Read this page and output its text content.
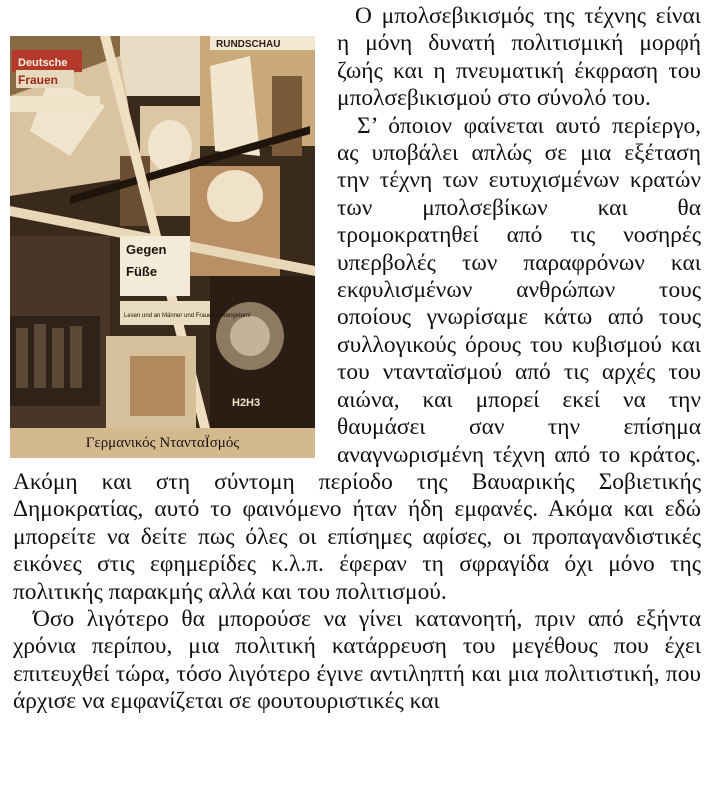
Deutsche
Frauen
RUNDSCHAU
Gegen
Füße
Lesen und an Männer und Frauen weitergeben!
H2H3
Γερμανικός ΝτανταÏσμός

Ο μπολσεβικισμός της τέχνης είναι η μόνη δυνατή πολιτισμική μορφή ζωής και η πνευματική έκφραση του μπολσεβικισμού στο σύνολό του.

Σ’ όποιον φαίνεται αυτό περίεργο, ας υποβάλει απλώς σε μια εξέταση την τέχνη των ευτυχισμένων κρατών των μπολσεβίκων και θα τρομοκρατηθεί από τις νοσηρές υπερβολές των παραφρόνων και εκφυλισμένων ανθρώπων τους οποίους γνωρίσαμε κάτω από τους συλλογικούς όρους του κυβισμού και του ντανταϊσμού από τις αρχές του αιώνα, και μπορεί εκεί να την θαυμάσει σαν την επίσημα αναγνωρισμένη τέχνη από το κράτος. Ακόμη και στη σύντομη περίοδο της Βαυαρικής Σοβιετικής Δημοκρατίας, αυτό το φαινόμενο ήταν ήδη εμφανές. Ακόμα και εδώ μπορείτε να δείτε πως όλες οι επίσημες αφίσες, οι προπαγανδιστικές εικόνες στις εφημερίδες κ.λ.π. έφεραν τη σφραγίδα όχι μόνο της πολιτικής παρακμής αλλά και του πολιτισμού.

Όσο λιγότερο θα μπορούσε να γίνει κατανοητή, πριν από εξήντα χρόνια περίπου, μια πολιτική κατάρρευση του μεγέθους που έχει επιτευχθεί τώρα, τόσο λιγότερο έγινε αντιληπτή και μια πολιτιστική, που άρχισε να εμφανίζεται σε φουτουριστικές και
